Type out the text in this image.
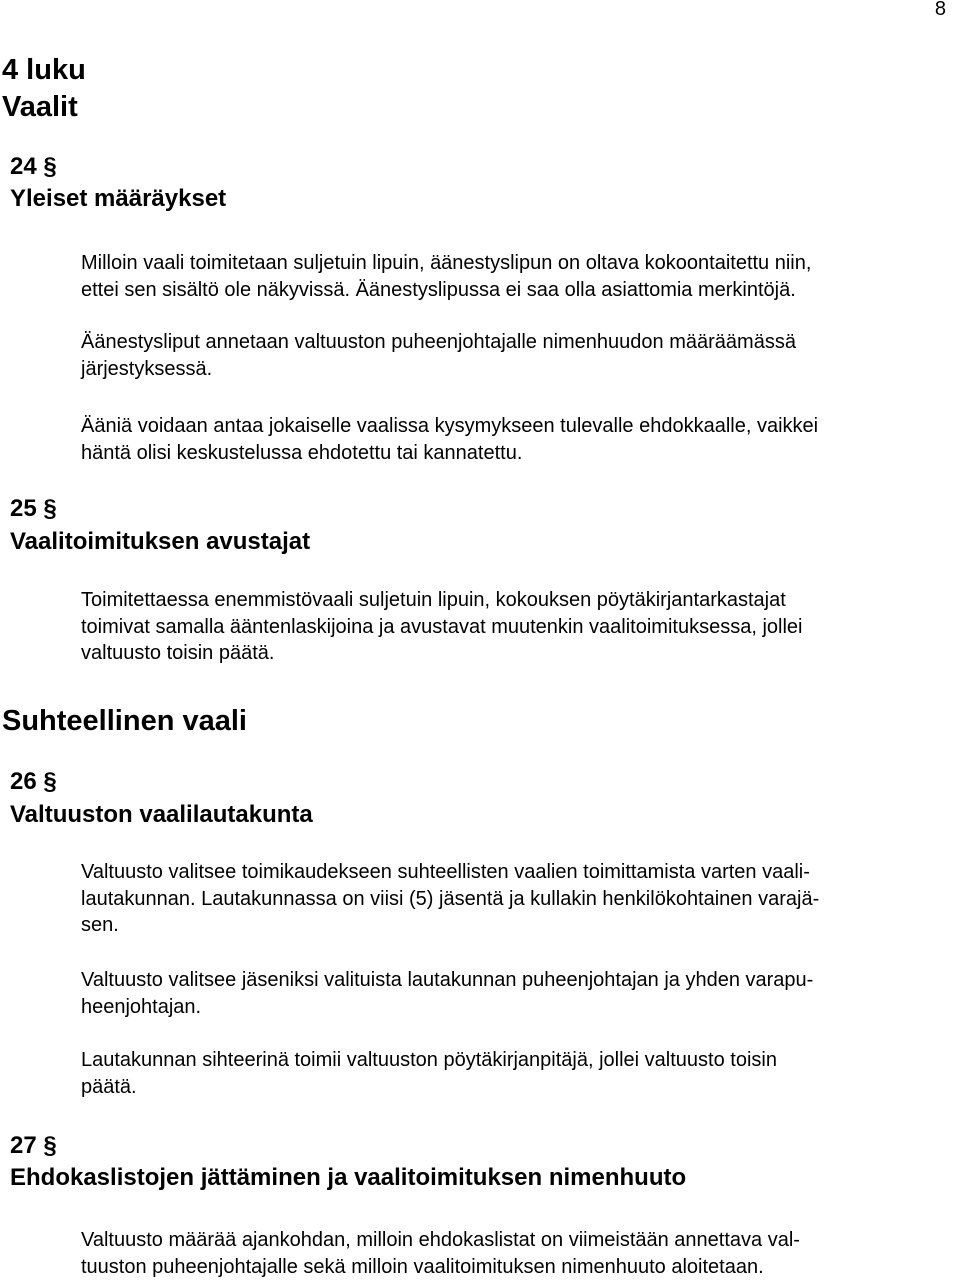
8
4 luku
Vaalit
24 §
Yleiset määräykset

Milloin vaali toimitetaan suljetuin lipuin, äänestyslipun on oltava kokoontaitettu niin,
ettei sen sisältö ole näkyvissä. Äänestyslipussa ei saa olla asiattomia merkintöjä.

Äänestysliput annetaan valtuuston puheenjohtajalle nimenhuudon määräämässä
järjestyksessä.

Ääniä voidaan antaa jokaiselle vaalissa kysymykseen tulevalle ehdokkaalle, vaikkei
häntä olisi keskustelussa ehdotettu tai kannatettu.

25 §
Vaalitoimituksen avustajat

Toimitettaessa enemmistövaali suljetuin lipuin, kokouksen pöytäkirjantarkastajat
toimivat samalla ääntenlaskijoina ja avustavat muutenkin vaalitoimituksessa, jollei
valtuusto toisin päätä.

Suhteellinen vaali
26 §
Valtuuston vaalilautakunta

Valtuusto valitsee toimikaudekseen suhteellisten vaalien toimittamista varten vaali-
lautakunnan. Lautakunnassa on viisi (5) jäsentä ja kullakin henkilökohtainen varajä-
sen.

Valtuusto valitsee jäseniksi valituista lautakunnan puheenjohtajan ja yhden varapu-
heenjohtajan.

Lautakunnan sihteerinä toimii valtuuston pöytäkirjanpitäjä, jollei valtuusto toisin
päätä.

27 §
Ehdokaslistojen jättäminen ja vaalitoimituksen nimenhuuto

Valtuusto määrää ajankohdan, milloin ehdokaslistat on viimeistään annettava val-
tuuston puheenjohtajalle sekä milloin vaalitoimituksen nimenhuuto aloitetaan.
